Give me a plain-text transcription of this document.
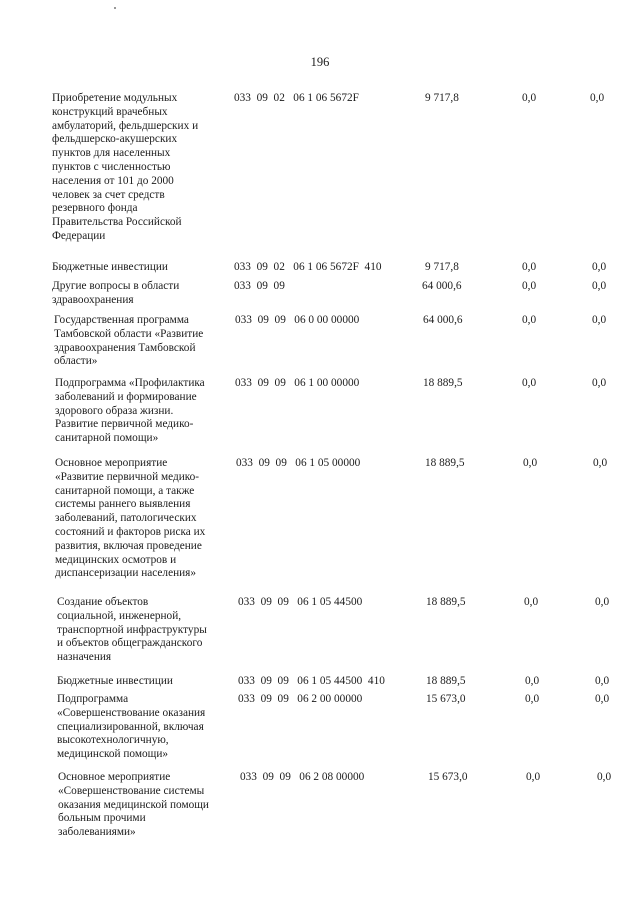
196
Приобретение модульных
конструкций врачебных
амбулаторий, фельдшерских и
фельдшерско-акушерских
пунктов для населенных
пунктов с численностью
населения от 101 до 2000
человек за счет средств
резервного фонда
Правительства Российской
Федерации
033  09  02   06 1 06 5672F	9 717,8	0,0	0,0
Бюджетные инвестиции	033  09  02   06 1 06 5672F  410	9 717,8	0,0	0,0
Другие вопросы в области
здравоохранения
033  09  09	64 000,6	0,0	0,0
Государственная программа
Тамбовской области «Развитие
здравоохранения Тамбовской
области»
033  09  09   06 0 00 00000	64 000,6	0,0	0,0
Подпрограмма «Профилактика
заболеваний и формирование
здорового образа жизни.
Развитие первичной медико-
санитарной помощи»
033  09  09   06 1 00 00000	18 889,5	0,0	0,0
Основное мероприятие
«Развитие первичной медико-
санитарной помощи, а также
системы раннего выявления
заболеваний, патологических
состояний и факторов риска их
развития, включая проведение
медицинских осмотров и
диспансеризации населения»
033  09  09   06 1 05 00000	18 889,5	0,0	0,0
Создание объектов
социальной, инженерной,
транспортной инфраструктуры
и объектов общегражданского
назначения
033  09  09   06 1 05 44500	18 889,5	0,0	0,0
Бюджетные инвестиции	033  09  09   06 1 05 44500  410	18 889,5	0,0	0,0
Подпрограмма
«Совершенствование оказания
специализированной, включая
высокотехнологичную,
медицинской помощи»
033  09  09   06 2 00 00000	15 673,0	0,0	0,0
Основное мероприятие
«Совершенствование системы
оказания медицинской помощи
больным прочими
заболеваниями»
033  09  09   06 2 08 00000	15 673,0	0,0	0,0
